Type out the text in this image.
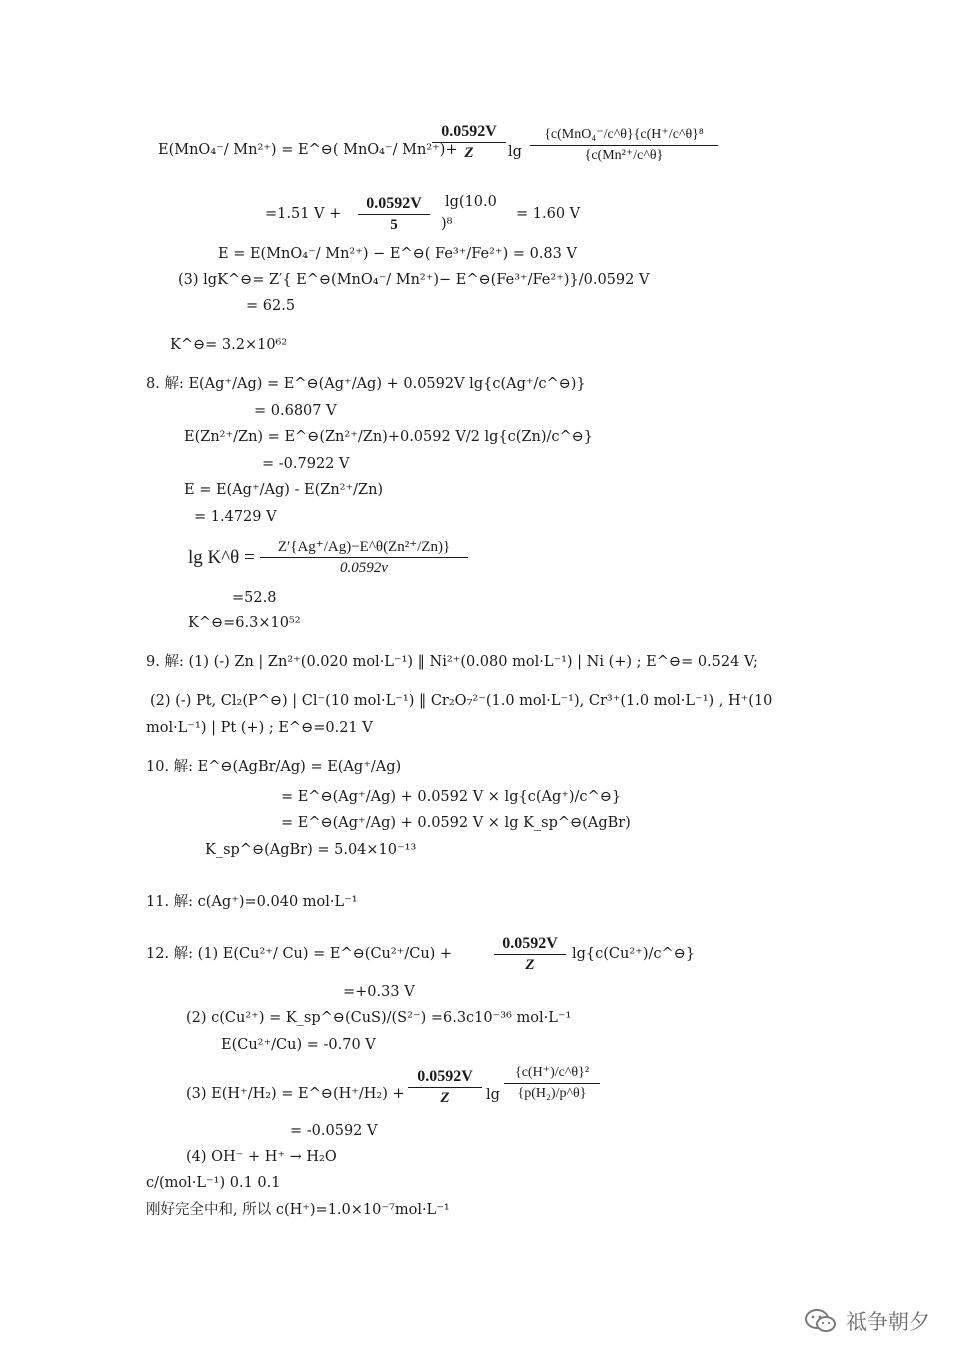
E(MnO₄⁻/ Mn²⁺) = E^⊖( MnO₄⁻/ Mn²⁺)+
$\frac{0.0592V}{Z}$ lg
{c(MnO₄⁻/c^θ}{c(H⁺/c^θ}⁸
{c(Mn²⁺/c^θ}
=1.51 $V + \frac{0.0592V}{5} \lg(10.0$
)⁸
= 1.60 V
E = E(MnO₄⁻/ Mn²⁺) − E^⊖( Fe³⁺/Fe²⁺) = 0.83 V
(3) lgK^⊖= Z′{ E^⊖(MnO₄⁻/ Mn²⁺)− E^⊖(Fe³⁺/Fe²⁺)}/0.0592 V
= 62.5
K^⊖= 3.2×10⁶²
8. 解: E(Ag⁺/Ag) = E^⊖(Ag⁺/Ag) + 0.0592V lg{c(Ag⁺/c^⊖)}
= 0.6807 V
E(Zn²⁺/Zn) = E^⊖(Zn²⁺/Zn)+0.0592 V/2 lg{c(Zn)/c^⊖}
= -0.7922 V
E = E(Ag⁺/Ag) - E(Zn²⁺/Zn)
= 1.4729 V
lg K^θ = $\frac{\text{Z′\{Ag⁺/Ag)−E\textasciicircum{}θ(Zn²⁺/Zn)\}}}{0.0592v}$
=52.8
K^⊖=6.3×10⁵²
9. 解: (1) (-) Zn | Zn²⁺(0.020 mol·L⁻¹) ‖ Ni²⁺(0.080 mol·L⁻¹) | Ni (+) ; E^⊖= 0.524 V;
(2) (-) Pt, Cl₂(P^⊖) | Cl⁻(10 mol·L⁻¹) ‖ Cr₂O₇²⁻(1.0 mol·L⁻¹), Cr³⁺(1.0 mol·L⁻¹) , H⁺(10
mol·L⁻¹) | Pt (+) ; E^⊖=0.21 V
10. 解: E^⊖(AgBr/Ag) = E(Ag⁺/Ag)
= E^⊖(Ag⁺/Ag) + 0.0592 V × lg{c(Ag⁺)/c^⊖}
= E^⊖(Ag⁺/Ag) + 0.0592 V × lg K_sp^⊖(AgBr)
K_sp^⊖(AgBr) = 5.04×10⁻¹³
11. 解: c(Ag⁺)=0.040 mol·L⁻¹
12. 解: (1) E(Cu²⁺/ Cu) = E^⊖(Cu²⁺/Cu) +	$\frac{0.0592V}{Z}$ lg{c(Cu²⁺)/c^⊖}
=+0.33 V
(2) c(Cu²⁺) = K_sp^⊖(CuS)/(S²⁻) =6.3c10⁻³⁶ mol·L⁻¹
E(Cu²⁺/Cu) = -0.70 V
(3) E(H⁺/H₂) = E^⊖(H⁺/H₂) + $\frac{0.0592V}{Z}$ $\lg \frac{\text{\{c(H⁺)/c\textasciicircum{}θ\}²}}{\text{\{p(H₂)/p\textasciicircum{}θ\}}}$
= -0.0592 V
(4) OH⁻ + H⁺ → H₂O
c/(mol·L⁻¹) 0.1 0.1
刚好完全中和, 所以 c(H⁺)=1.0×10⁻⁷mol·L⁻¹
祗争朝夕
